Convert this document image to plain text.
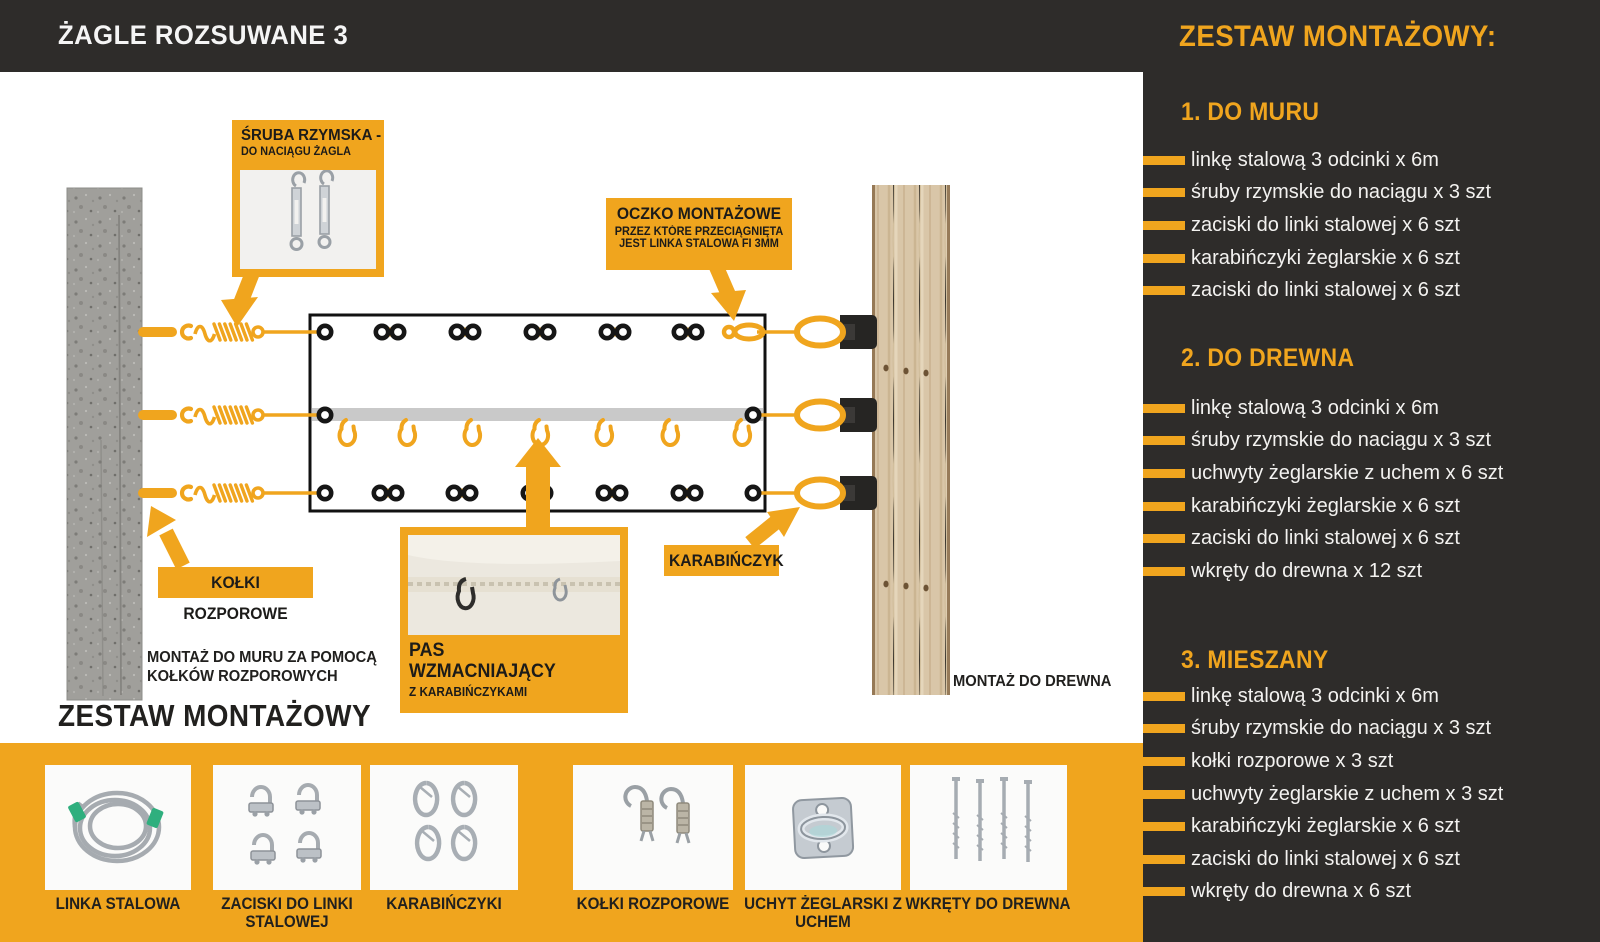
ŻAGLE ROZSUWANE 3
ŚRUBA RZYMSKA -
DO NACIĄGU ŻAGLA
OCZKO MONTAŻOWE
PRZEZ KTÓRE PRZECIĄGNIĘTA
JEST LINKA STALOWA FI 3MM
KOŁKI ROZPOROWE
KARABIŃCZYK
PAS
WZMACNIAJĄCY
Z KARABIŃCZYKAMI
MONTAŻ DO MURU ZA POMOCĄ
KOŁKÓW ROZPOROWYCH	MONTAŻ DO DREWNA
ZESTAW MONTAŻOWY
LINKA STALOWA	ZACISKI DO LINKI STALOWEJ
KARABIŃCZYKI	KOŁKI ROZPOROWE UCHYT ŻEGLARSKI Z UCHEM
WKRĘTY DO DREWNA
ZESTAW MONTAŻOWY:
1. DO MURU
linkę stalową 3 odcinki x 6m
śruby rzymskie do naciągu x 3 szt
zaciski do linki stalowej x 6 szt
karabińczyki żeglarskie x 6 szt
zaciski do linki stalowej x 6 szt
2. DO DREWNA
linkę stalową 3 odcinki x 6m
śruby rzymskie do naciągu x 3 szt
uchwyty żeglarskie z uchem x 6 szt
karabińczyki żeglarskie x 6 szt
zaciski do linki stalowej x 6 szt
wkręty do drewna x 12 szt
3. MIESZANY
linkę stalową 3 odcinki x 6m
śruby rzymskie do naciągu x 3 szt
kołki rozporowe x 3 szt
uchwyty żeglarskie z uchem x 3 szt
karabińczyki żeglarskie x 6 szt
zaciski do linki stalowej x 6 szt
wkręty do drewna x 6 szt
